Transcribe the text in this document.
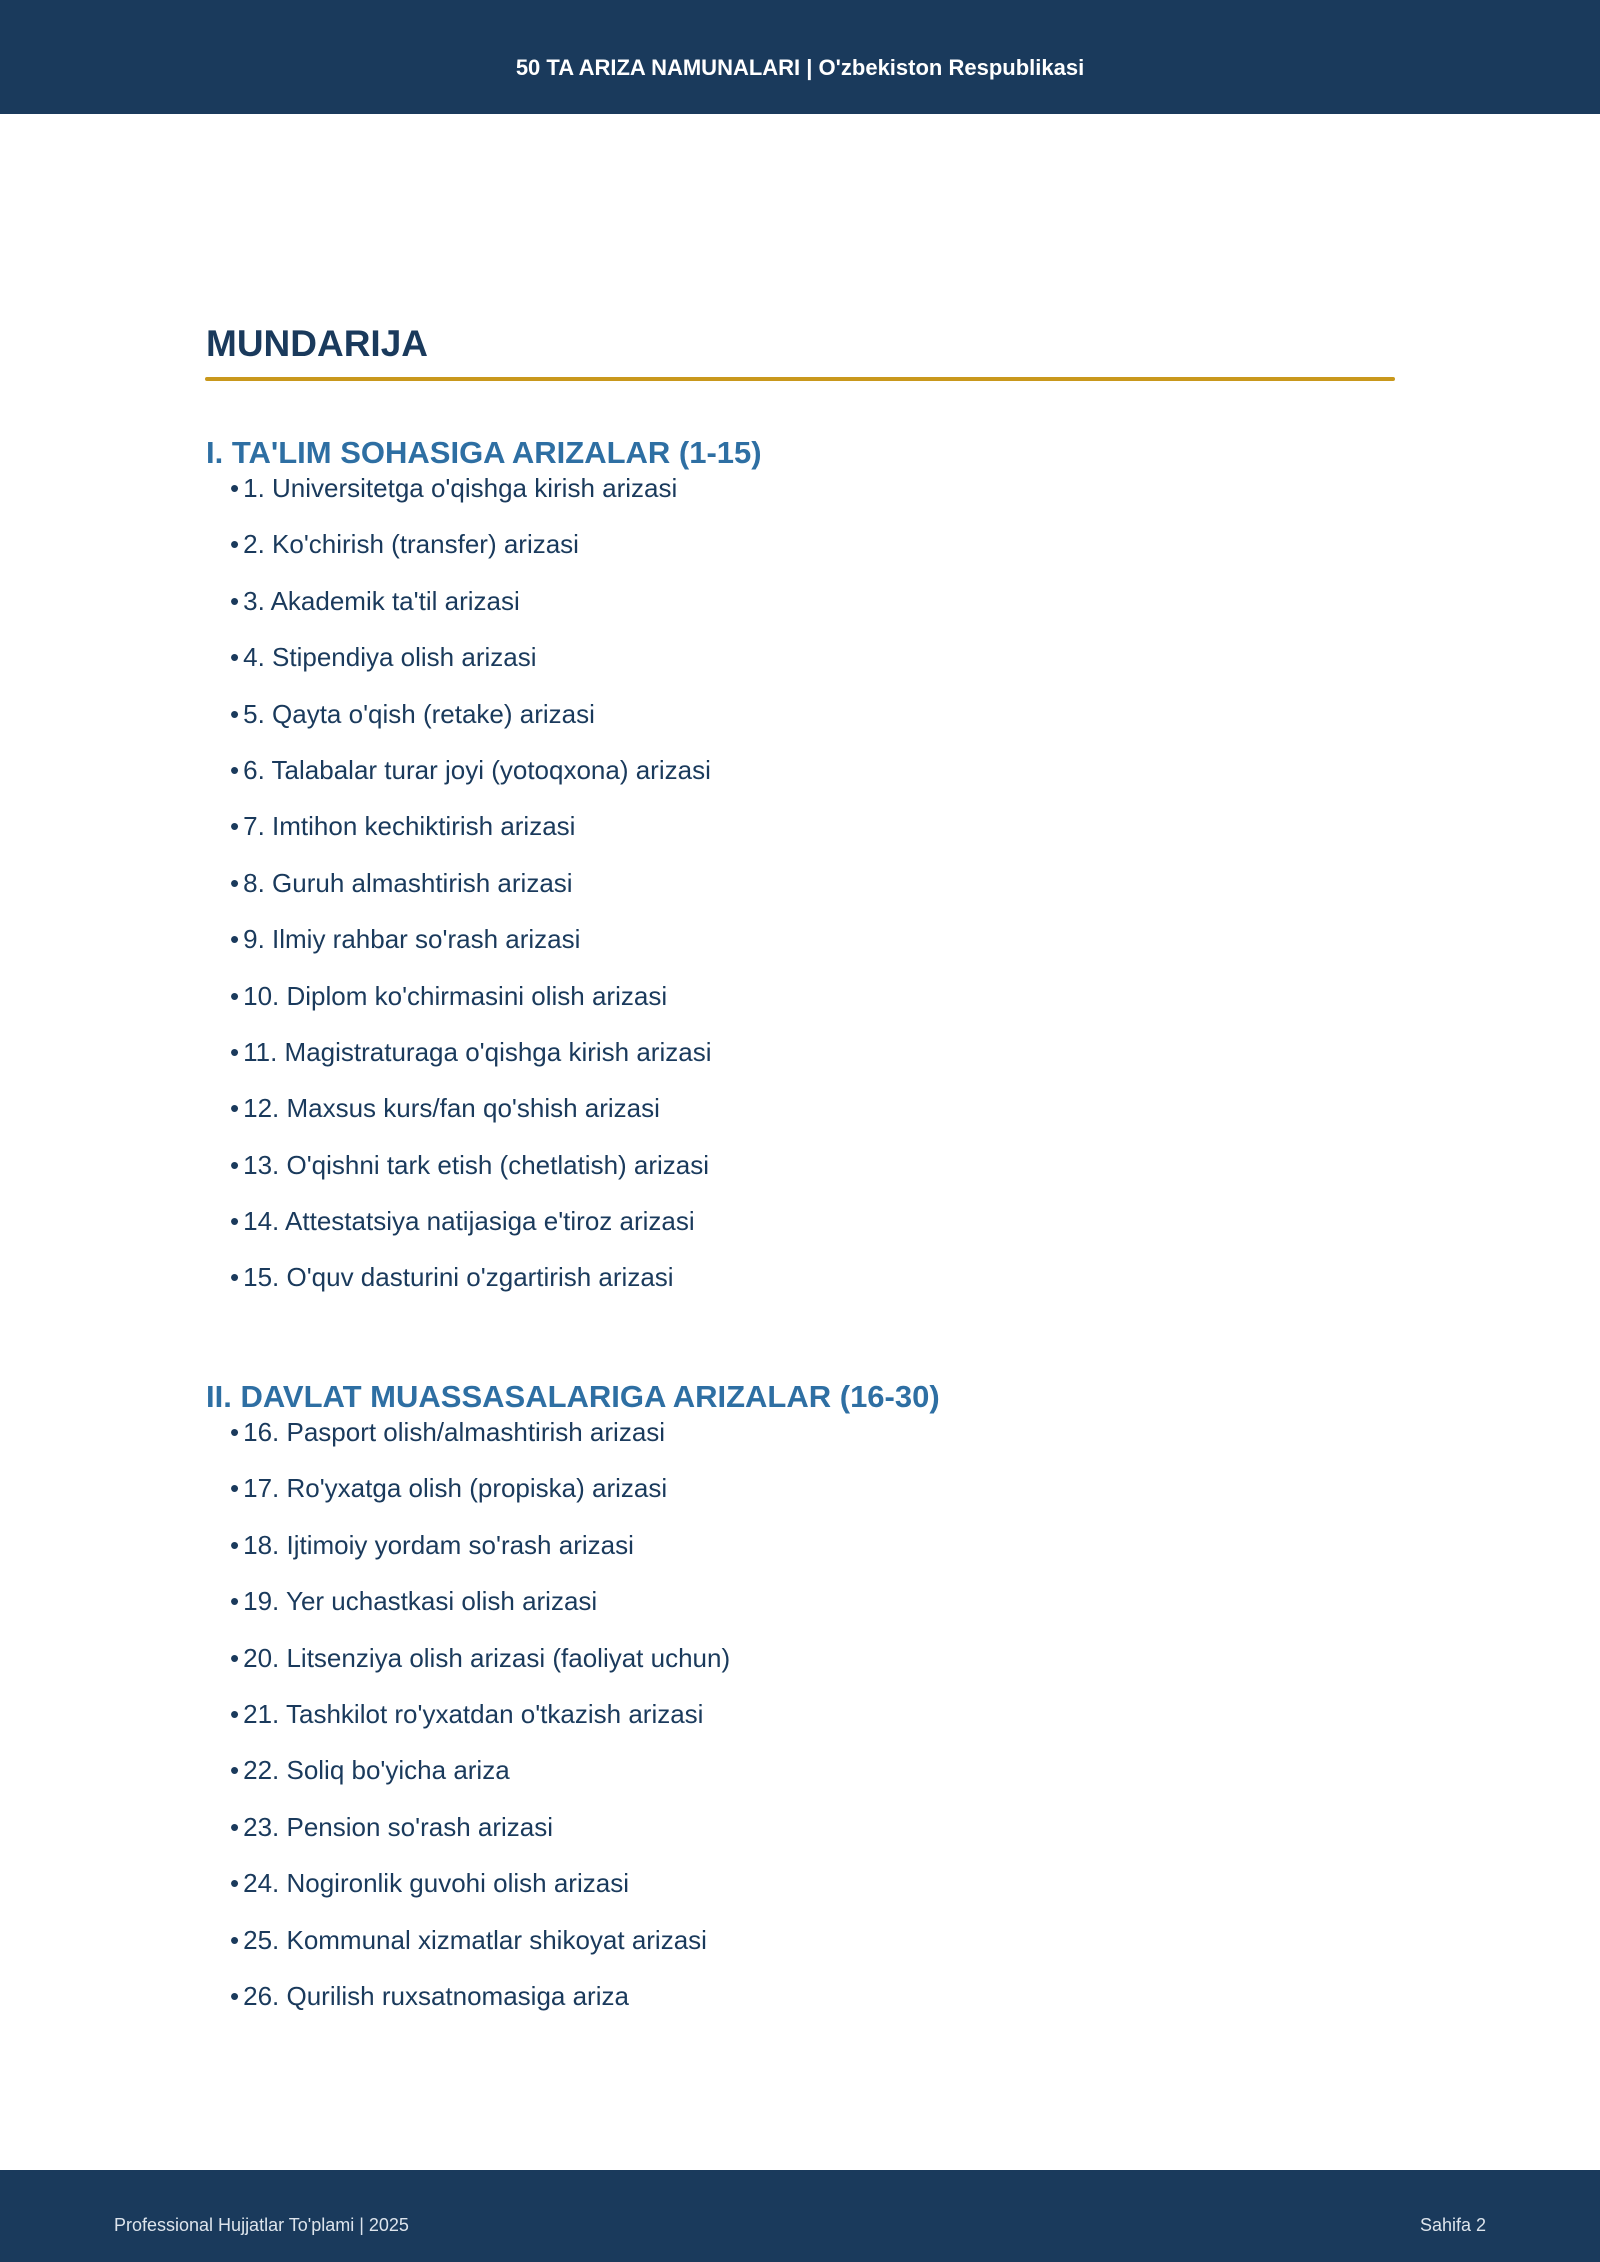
50 TA ARIZA NAMUNALARI | O'zbekiston Respublikasi
MUNDARIJA
I. TA'LIM SOHASIGA ARIZALAR (1-15)
• 1. Universitetga o'qishga kirish arizasi
• 2. Ko'chirish (transfer) arizasi
• 3. Akademik ta'til arizasi
• 4. Stipendiya olish arizasi
• 5. Qayta o'qish (retake) arizasi
• 6. Talabalar turar joyi (yotoqxona) arizasi
• 7. Imtihon kechiktirish arizasi
• 8. Guruh almashtirish arizasi
• 9. Ilmiy rahbar so'rash arizasi
• 10. Diplom ko'chirmasini olish arizasi
• 11. Magistraturaga o'qishga kirish arizasi
• 12. Maxsus kurs/fan qo'shish arizasi
• 13. O'qishni tark etish (chetlatish) arizasi
• 14. Attestatsiya natijasiga e'tiroz arizasi
• 15. O'quv dasturini o'zgartirish arizasi
II. DAVLAT MUASSASALARIGA ARIZALAR (16-30)
• 16. Pasport olish/almashtirish arizasi
• 17. Ro'yxatga olish (propiska) arizasi
• 18. Ijtimoiy yordam so'rash arizasi
• 19. Yer uchastkasi olish arizasi
• 20. Litsenziya olish arizasi (faoliyat uchun)
• 21. Tashkilot ro'yxatdan o'tkazish arizasi
• 22. Soliq bo'yicha ariza
• 23. Pension so'rash arizasi
• 24. Nogironlik guvohi olish arizasi
• 25. Kommunal xizmatlar shikoyat arizasi
• 26. Qurilish ruxsatnomasiga ariza
Professional Hujjatlar To'plami | 2025	Sahifa 2
